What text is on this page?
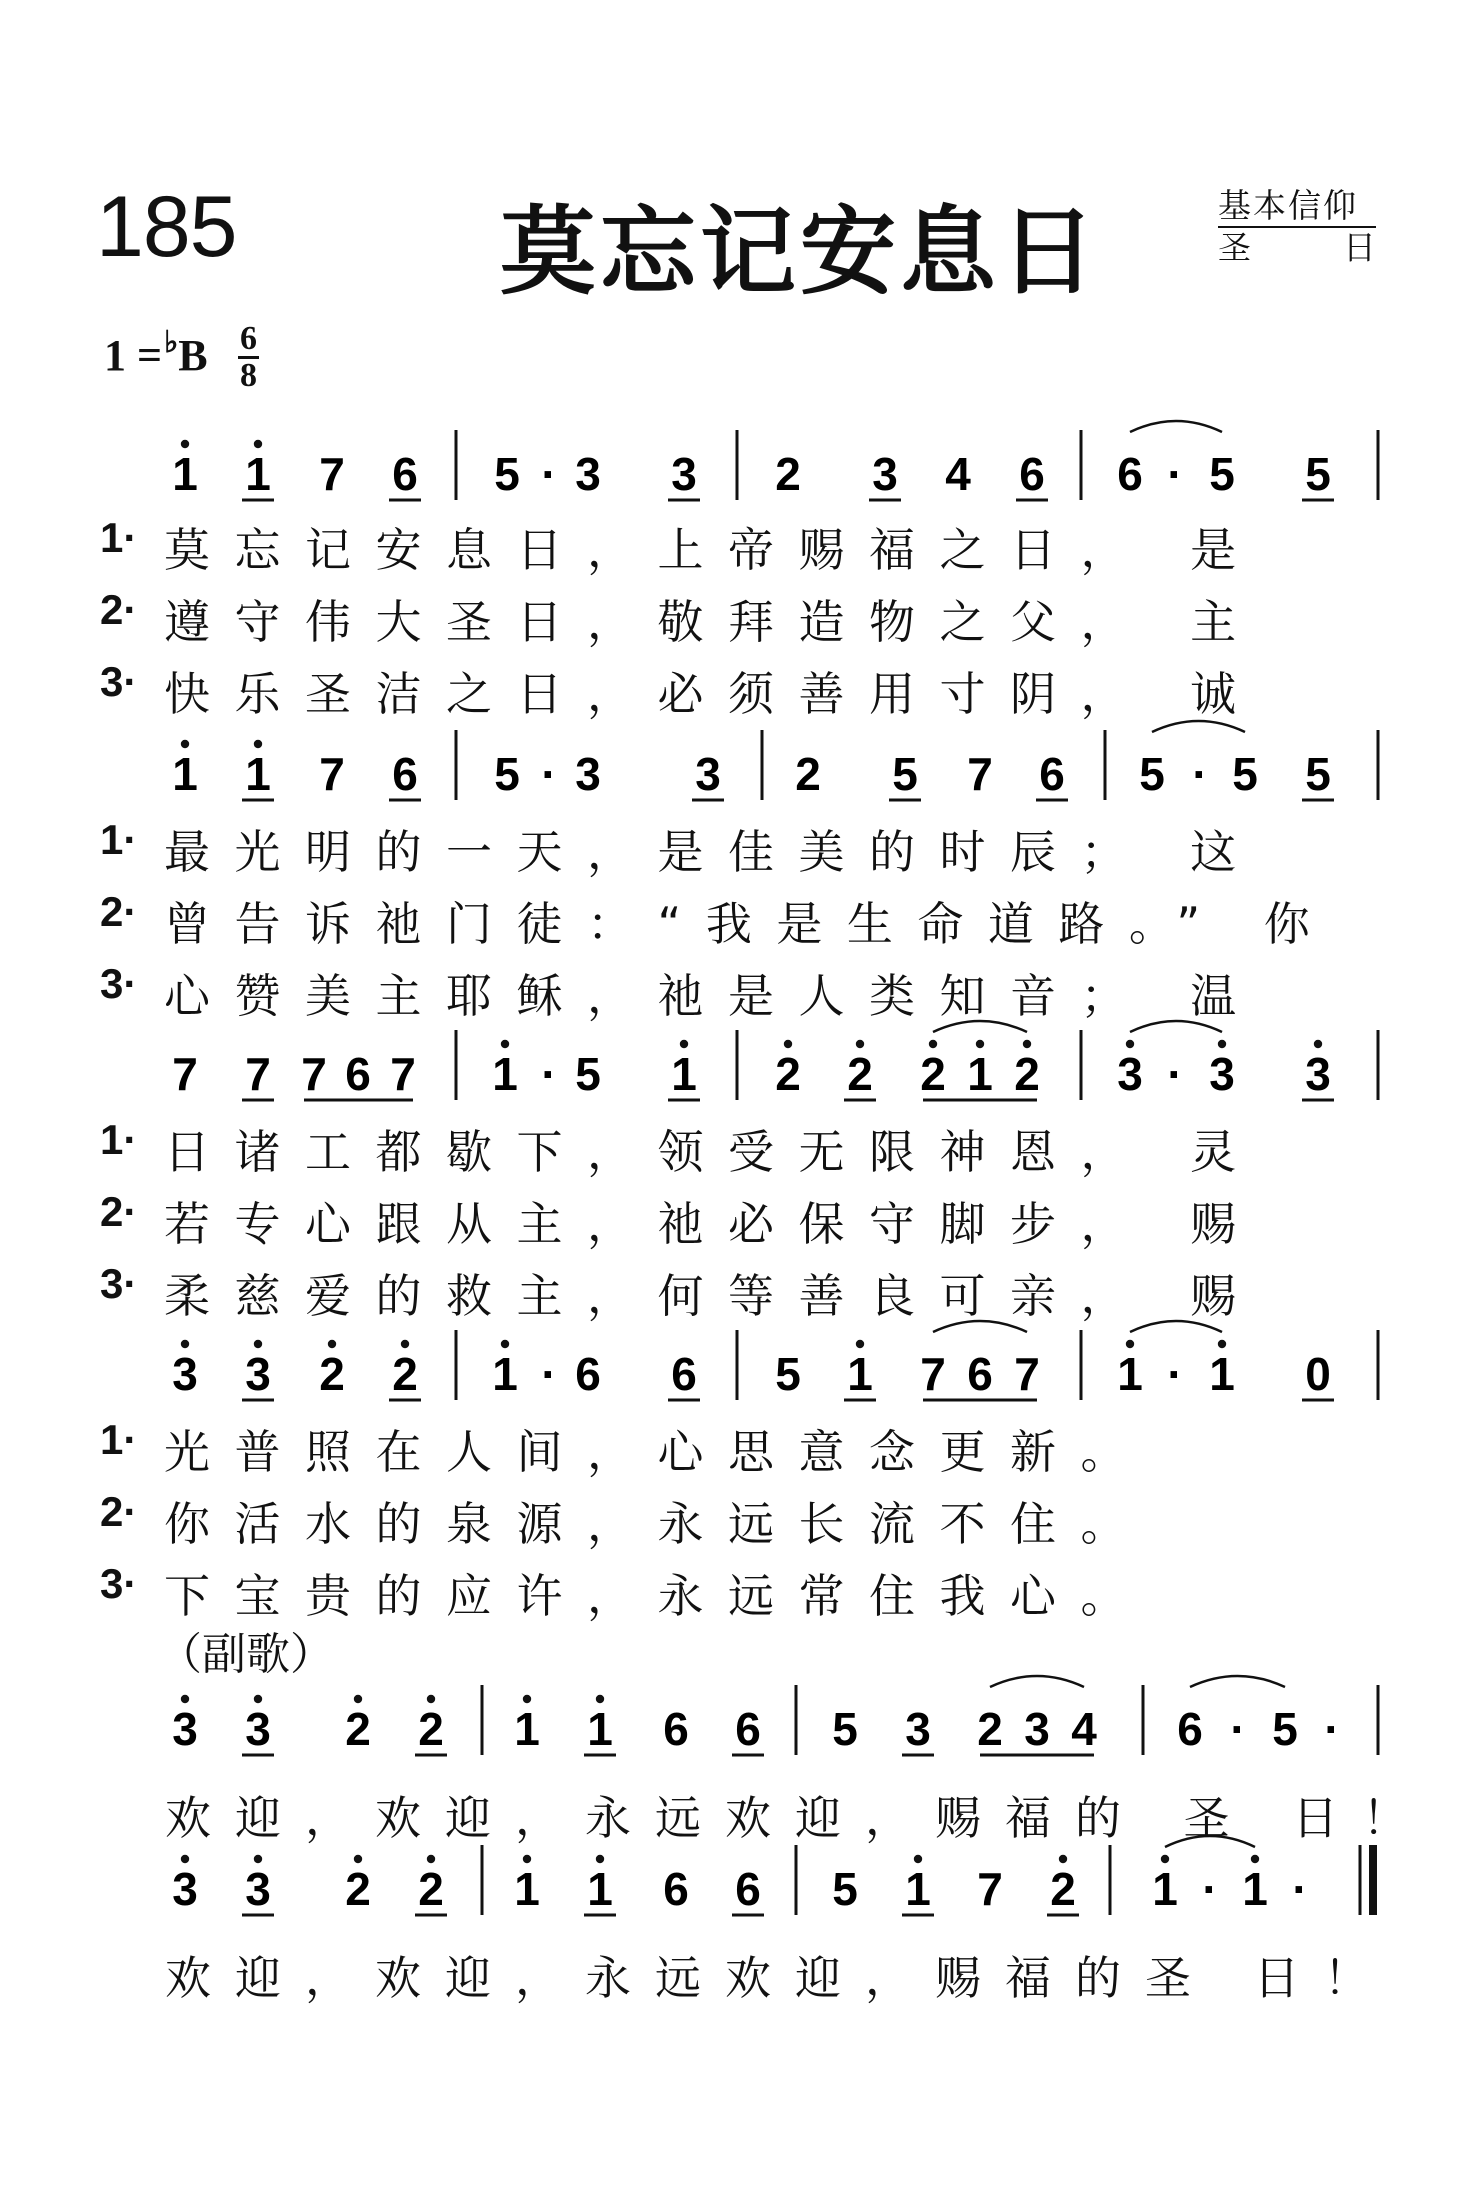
185	莫忘记安息日	基本信仰
圣	日
$1 =^♭B \frac{6}{8}$
1 1 7 6 5 · 3 3 2 3 4 6 6 · 5 5
1 1 7 6 5 · 3 3 2 5 7 6 5 · 5 5
7 7 7 6 7 1 · 5 1 2 2 2 1 2 3 · 3 3
3 3 2 2 1 · 6 6 5 1 7 6 7 1 · 1 0
3 3 2 2 1 1 6 6 5 3 2 3 4 6 · 5 ·
3 3 2 2 1 1 6 6 5 1 7 2 1 · 1 ·
1· 莫忘记安息日，上帝赐福之日， 是
2· 遵守伟大圣日，敬拜造物之父， 主
3· 快乐圣洁之日，必须善用寸阴， 诚
1· 最光明的一天，是佳美的时辰； 这
2· 曾告诉祂门徒：“我是生命道路。” 你
3· 心赞美主耶稣，祂是人类知音； 温
1· 日诸工都歇下，领受无限神恩， 灵
2· 若专心跟从主，祂必保守脚步， 赐
3· 柔慈爱的救主，何等善良可亲， 赐
1· 光普照在人间，心思意念更新。
2· 你活水的泉源，永远长流不住。
3· 下宝贵的应许，永远常住我心。
（副歌）
欢迎，欢迎，永远欢迎，赐福的 圣 日！
欢迎，欢迎，永远欢迎，赐福的圣 日！
